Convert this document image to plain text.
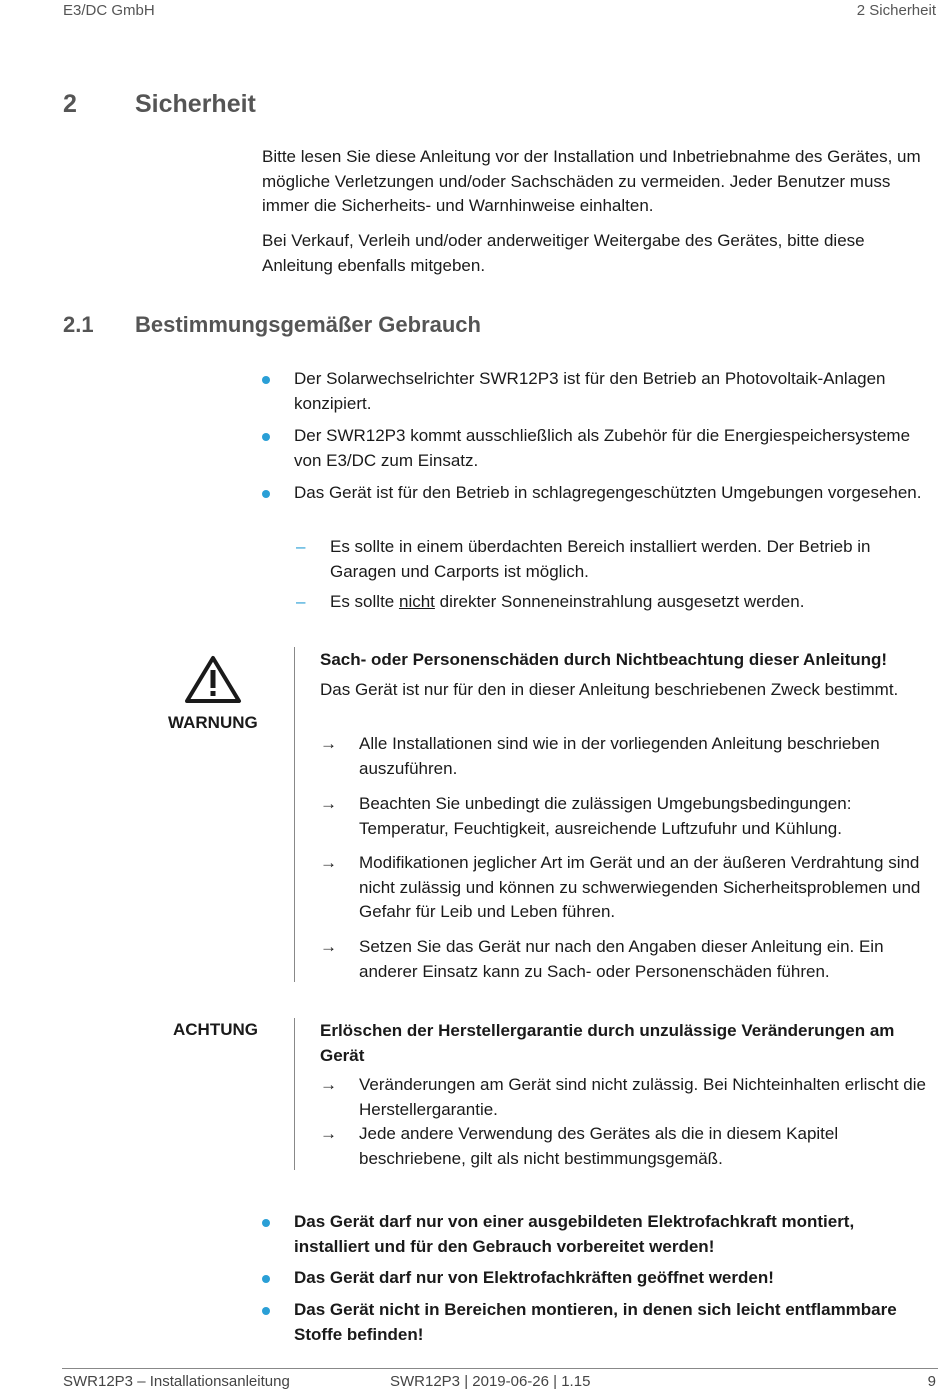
E3/DC GmbH	2 Sicherheit
2 Sicherheit

Bitte lesen Sie diese Anleitung vor der Installation und Inbetriebnahme des Gerätes, um mögliche Verletzungen und/oder Sachschäden zu vermeiden. Jeder Benutzer muss immer die Sicherheits- und Warnhinweise einhalten.

Bei Verkauf, Verleih und/oder anderweitiger Weitergabe des Gerätes, bitte diese Anleitung ebenfalls mitgeben.

2.1 Bestimmungsgemäßer Gebrauch
Der Solarwechselrichter SWR12P3 ist für den Betrieb an Photovoltaik-Anlagen konzipiert.
Der SWR12P3 kommt ausschließlich als Zubehör für die Energiespeichersysteme von E3/DC zum Einsatz.
Das Gerät ist für den Betrieb in schlagregengeschützten Umgebungen vorgesehen.
– Es sollte in einem überdachten Bereich installiert werden. Der Betrieb in Garagen und Carports ist möglich.
– Es sollte nicht direkter Sonneneinstrahlung ausgesetzt werden.
WARNUNG
Sach- oder Personenschäden durch Nichtbeachtung dieser Anleitung!
Das Gerät ist nur für den in dieser Anleitung beschriebenen Zweck bestimmt.
→ Alle Installationen sind wie in der vorliegenden Anleitung beschrieben auszuführen.
→ Beachten Sie unbedingt die zulässigen Umgebungsbedingungen: Temperatur, Feuchtigkeit, ausreichende Luftzufuhr und Kühlung.
→ Modifikationen jeglicher Art im Gerät und an der äußeren Verdrahtung sind nicht zulässig und können zu schwerwiegenden Sicherheitsproblemen und Gefahr für Leib und Leben führen.
→ Setzen Sie das Gerät nur nach den Angaben dieser Anleitung ein. Ein anderer Einsatz kann zu Sach- oder Personenschäden führen.
ACHTUNG	Erlöschen der Herstellergarantie durch unzulässige Veränderungen am Gerät
→ Veränderungen am Gerät sind nicht zulässig. Bei Nichteinhalten erlischt die Herstellergarantie.
→ Jede andere Verwendung des Gerätes als die in diesem Kapitel beschriebene, gilt als nicht bestimmungsgemäß.
Das Gerät darf nur von einer ausgebildeten Elektrofachkraft montiert, installiert und für den Gebrauch vorbereitet werden!
Das Gerät darf nur von Elektrofachkräften geöffnet werden!
Das Gerät nicht in Bereichen montieren, in denen sich leicht entflammbare Stoffe befinden!
SWR12P3 – Installationsanleitung	SWR12P3 | 2019-06-26 | 1.15	9
